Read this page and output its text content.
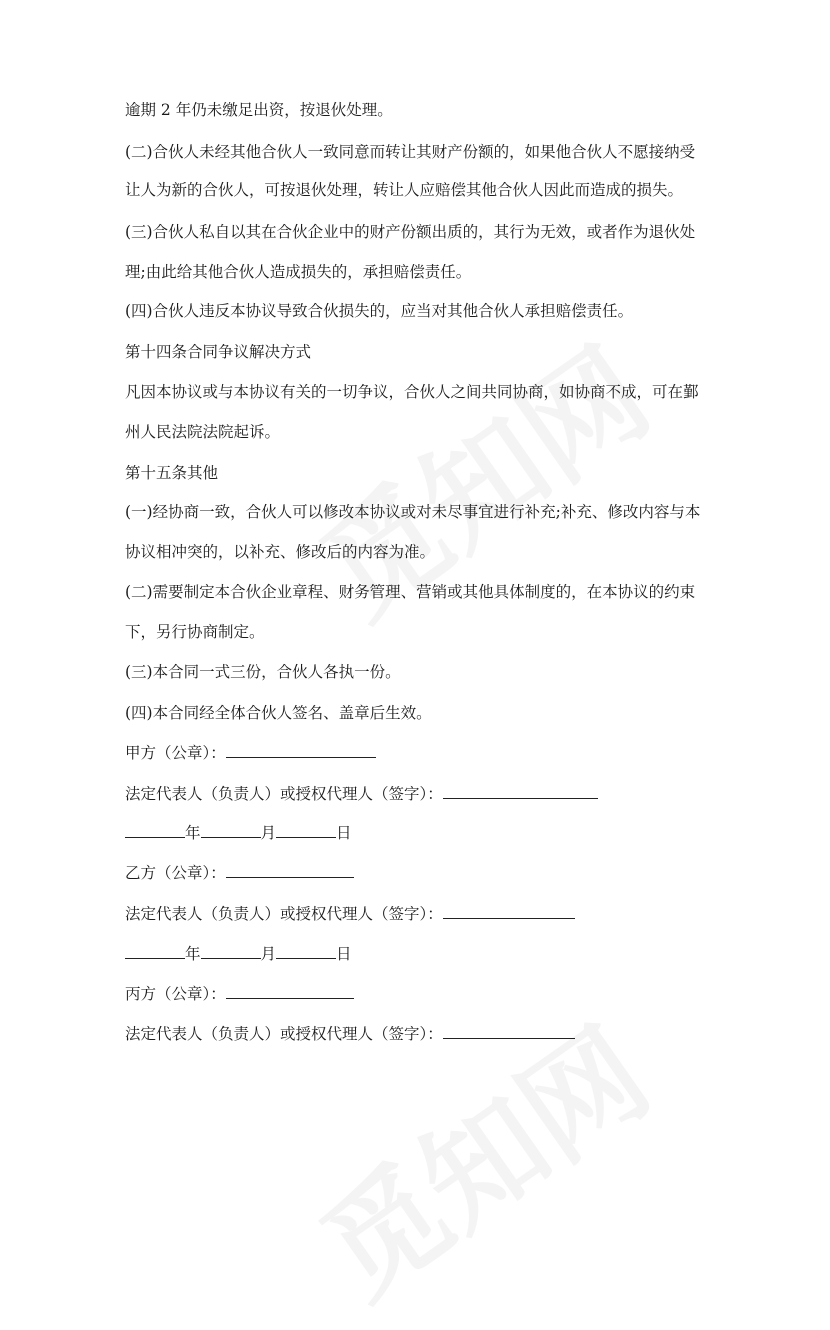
逾期 2 年仍未缴足出资，按退伙处理。
(二)合伙人未经其他合伙人一致同意而转让其财产份额的，如果他合伙人不愿接纳受
让人为新的合伙人，可按退伙处理，转让人应赔偿其他合伙人因此而造成的损失。
(三)合伙人私自以其在合伙企业中的财产份额出质的，其行为无效，或者作为退伙处
理;由此给其他合伙人造成损失的，承担赔偿责任。
(四)合伙人违反本协议导致合伙损失的，应当对其他合伙人承担赔偿责任。
第十四条合同争议解决方式
凡因本协议或与本协议有关的一切争议，合伙人之间共同协商，如协商不成，可在鄞
州人民法院法院起诉。
第十五条其他
(一)经协商一致，合伙人可以修改本协议或对未尽事宜进行补充;补充、修改内容与本
协议相冲突的，以补充、修改后的内容为准。
(二)需要制定本合伙企业章程、财务管理、营销或其他具体制度的，在本协议的约束
下，另行协商制定。
(三)本合同一式三份，合伙人各执一份。
(四)本合同经全体合伙人签名、盖章后生效。
甲方（公章）：
法定代表人（负责人）或授权代理人（签字）：
年	月	日
乙方（公章）：
法定代表人（负责人）或授权代理人（签字）：
年	月	日
丙方（公章）：
法定代表人（负责人）或授权代理人（签字）：
